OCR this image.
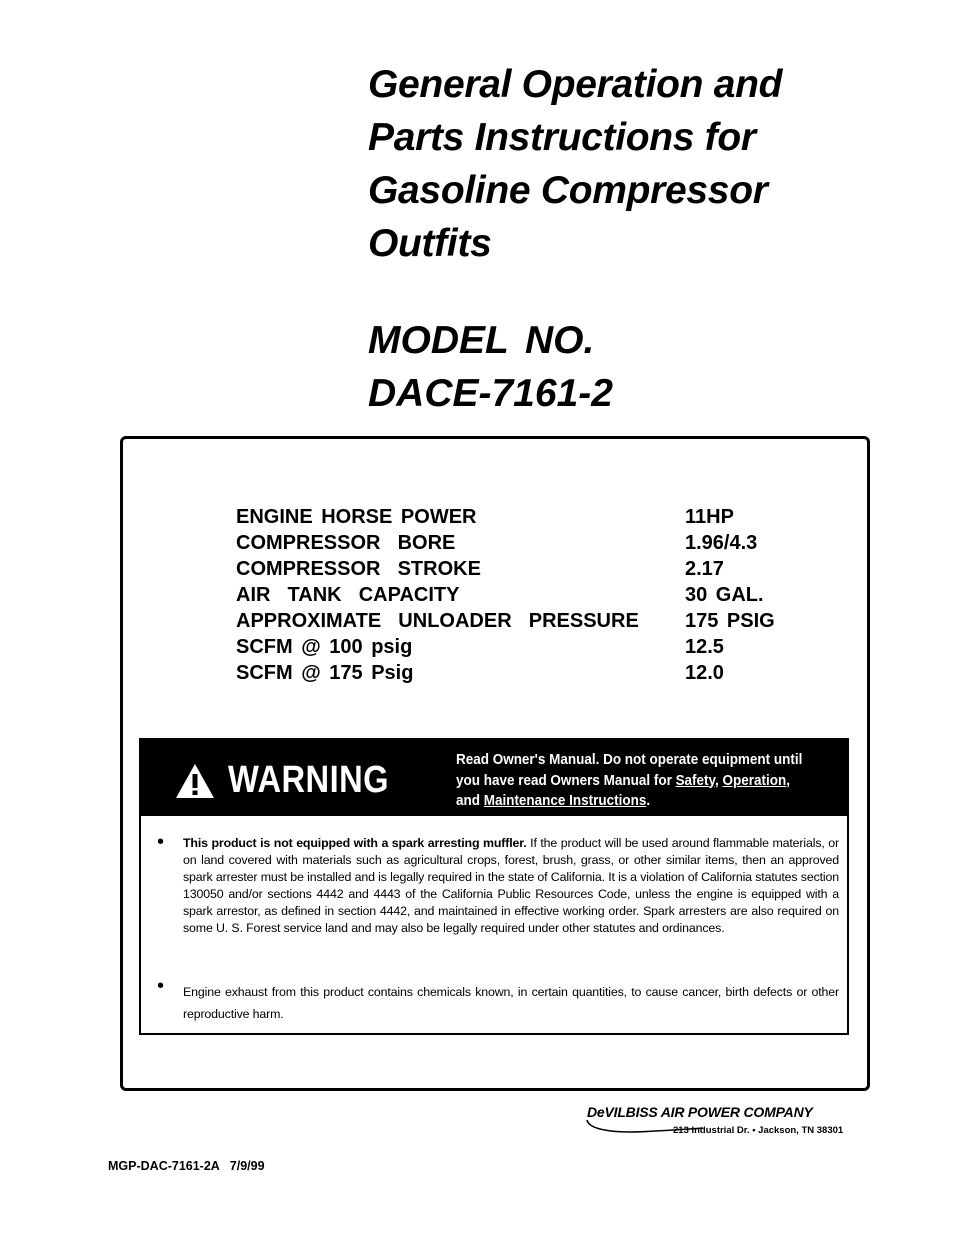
General Operation and
Parts Instructions for
Gasoline Compressor
Outfits
MODEL NO.
DACE-7161-2
ENGINE HORSE POWER	11HP
COMPRESSOR  BORE	1.96/4.3
COMPRESSOR  STROKE	2.17
AIR  TANK  CAPACITY	30 GAL.
APPROXIMATE  UNLOADER  PRESSURE 175 PSIG
SCFM @ 100 psig	12.5
SCFM @ 175 Psig	12.0
WARNING	Read Owner's Manual. Do not operate equipment until
you have read Owners Manual for Safety, Operation,
and Maintenance Instructions.
• This product is not equipped with a spark arresting muffler. If the product will be used around flammable materials, or on land covered with materials such as agricultural crops, forest, brush, grass, or other similar items, then an approved spark arrester must be installed and is legally required in the state of California. It is a violation of California statutes section 130050 and/or sections 4442 and 4443 of the California Public Resources Code, unless the engine is equipped with a spark arrestor, as defined in section 4442, and maintained in effective working order. Spark arresters are also required on some U. S. Forest service land and may also be legally required under other statutes and ordinances.
• Engine exhaust from this product contains chemicals known, in certain quantities, to cause cancer, birth defects or other reproductive harm.
DeVILBISS AIR POWER COMPANY
213 Industrial Dr. • Jackson, TN 38301
MGP-DAC-7161-2A   7/9/99
